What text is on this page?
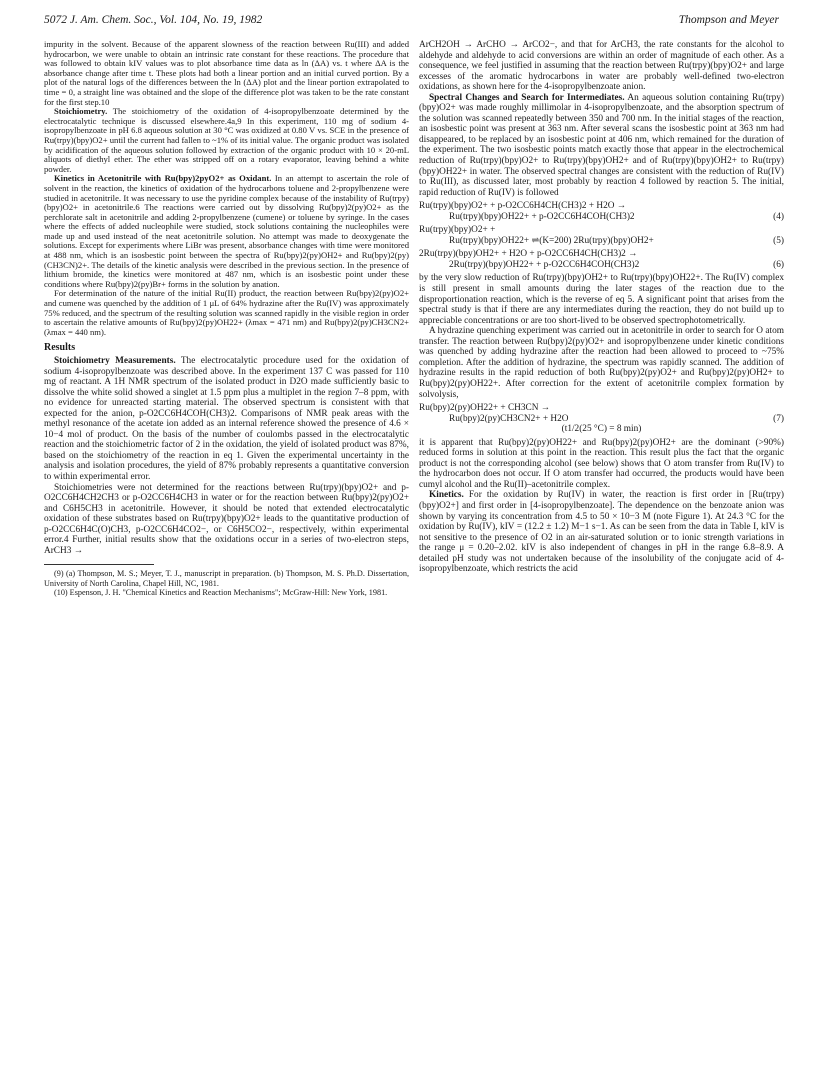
5072 J. Am. Chem. Soc., Vol. 104, No. 19, 1982	Thompson and Meyer

impurity in the solvent. Because of the apparent slowness of the reaction between Ru(III) and added hydrocarbon, we were unable to obtain an intrinsic rate constant for these reactions. The procedure that was followed to obtain kIV values was to plot absorbance time data as ln (ΔA) vs. t where ΔA is the absorbance change after time t. These plots had both a linear portion and an initial curved portion. By a plot of the natural logs of the differences between the ln (ΔA) plot and the linear portion extrapolated to time = 0, a straight line was obtained and the slope of the difference plot was taken to be the rate constant for the first step.10

Stoichiometry. The stoichiometry of the oxidation of 4-isopropylbenzoate determined by the electrocatalytic technique is discussed elsewhere.4a,9 In this experiment, 110 mg of sodium 4-isopropylbenzoate in pH 6.8 aqueous solution at 30 °C was oxidized at 0.80 V vs. SCE in the presence of Ru(trpy)(bpy)O2+ until the current had fallen to ~1% of its initial value. The organic product was isolated by acidification of the aqueous solution followed by extraction of the organic product with 10 × 20-mL aliquots of diethyl ether. The ether was stripped off on a rotary evaporator, leaving behind a white powder.

Kinetics in Acetonitrile with Ru(bpy)2pyO2+ as Oxidant. In an attempt to ascertain the role of solvent in the reaction, the kinetics of oxidation of the hydrocarbons toluene and 2-propylbenzene were studied in acetonitrile. It was necessary to use the pyridine complex because of the instability of Ru(trpy)(bpy)O2+ in acetonitrile.6 The reactions were carried out by dissolving Ru(bpy)2(py)O2+ as the perchlorate salt in acetonitrile and adding 2-propylbenzene (cumene) or toluene by syringe. In the cases where the effects of added nucleophile were studied, stock solutions containing the nucleophiles were made up and used instead of the neat acetonitrile solution. No attempt was made to deoxygenate the solutions. Except for experiments where LiBr was present, absorbance changes with time were monitored at 488 nm, which is an isosbestic point between the spectra of Ru(bpy)2(py)OH2+ and Ru(bpy)2(py)(CH3CN)2+. The details of the kinetic analysis were described in the previous section. In the presence of lithium bromide, the kinetics were monitored at 487 nm, which is an isosbestic point under these conditions where Ru(bpy)2(py)Br+ forms in the solution by anation.

For determination of the nature of the initial Ru(II) product, the reaction between Ru(bpy)2(py)O2+ and cumene was quenched by the addition of 1 μL of 64% hydrazine after the Ru(IV) was approximately 75% reduced, and the spectrum of the resulting solution was scanned rapidly in the visible region in order to ascertain the relative amounts of Ru(bpy)2(py)OH22+ (λmax = 471 nm) and Ru(bpy)2(py)CH3CN2+ (λmax = 440 nm).

Results

Stoichiometry Measurements. The electrocatalytic procedure used for the oxidation of sodium 4-isopropylbenzoate was described above. In the experiment 137 C was passed for 110 mg of reactant. A 1H NMR spectrum of the isolated product in D2O made sufficiently basic to dissolve the white solid showed a singlet at 1.5 ppm plus a multiplet in the region 7–8 ppm, with no evidence for unreacted starting material. The observed spectrum is consistent with that expected for the anion, p-O2CC6H4COH(CH3)2. Comparisons of NMR peak areas with the methyl resonance of the acetate ion added as an internal reference showed the presence of 4.6 × 10−4 mol of product. On the basis of the number of coulombs passed in the electrocatalytic reaction and the stoichiometric factor of 2 in the oxidation, the yield of isolated product was 87%, based on the stoichiometry of the reaction in eq 1. Given the experimental uncertainty in the analysis and isolation procedures, the yield of 87% probably represents a quantitative conversion to within experimental error.

Stoichiometries were not determined for the reactions between Ru(trpy)(bpy)O2+ and p-O2CC6H4CH2CH3 or p-O2CC6H4CH3 in water or for the reaction between Ru(bpy)2(py)O2+ and C6H5CH3 in acetonitrile. However, it should be noted that extended electrocatalytic oxidation of these substrates based on Ru(trpy)(bpy)O2+ leads to the quantitative production of p-O2CC6H4C(O)CH3, p-O2CC6H4CO2−, or C6H5CO2−, respectively, within experimental error.4 Further, initial results show that the oxidations occur in a series of two-electron steps, ArCH3 →

(9) (a) Thompson, M. S.; Meyer, T. J., manuscript in preparation. (b) Thompson, M. S. Ph.D. Dissertation, University of North Carolina, Chapel Hill, NC, 1981.

(10) Espenson, J. H. "Chemical Kinetics and Reaction Mechanisms"; McGraw-Hill: New York, 1981.

ArCH2OH → ArCHO → ArCO2−, and that for ArCH3, the rate constants for the alcohol to aldehyde and aldehyde to acid conversions are within an order of magnitude of each other. As a consequence, we feel justified in assuming that the reaction between Ru(trpy)(bpy)O2+ and large excesses of the aromatic hydrocarbons in water are probably well-defined two-electron oxidations, as shown here for the 4-isopropylbenzoate anion.

Spectral Changes and Search for Intermediates. An aqueous solution containing Ru(trpy)(bpy)O2+ was made roughly millimolar in 4-isopropylbenzoate, and the absorption spectrum of the solution was scanned repeatedly between 350 and 700 nm. In the initial stages of the reaction, an isosbestic point was present at 363 nm. After several scans the isosbestic point at 363 nm had disappeared, to be replaced by an isosbestic point at 406 nm, which remained for the duration of the experiment. The two isosbestic points match exactly those that appear in the electrochemical reduction of Ru(trpy)(bpy)O2+ to Ru(trpy)(bpy)OH2+ and of Ru(trpy)(bpy)OH2+ to Ru(trpy)(bpy)OH22+ in water. The observed spectral changes are consistent with the reduction of Ru(IV) to Ru(III), as discussed later, most probably by reaction 4 followed by reaction 5. The initial, rapid reduction of Ru(IV) is followed

Ru(trpy)(bpy)O2+ + p-O2CC6H4CH(CH3)2 + H2O →
Ru(trpy)(bpy)OH22+ + p-O2CC6H4COH(CH3)2	(4)
Ru(trpy)(bpy)O2+ +
Ru(trpy)(bpy)OH22+ ⇌(K=200) 2Ru(trpy)(bpy)OH2+	(5)
2Ru(trpy)(bpy)OH2+ + H2O + p-O2CC6H4CH(CH3)2 →
2Ru(trpy)(bpy)OH22+ + p-O2CC6H4COH(CH3)2	(6)

by the very slow reduction of Ru(trpy)(bpy)OH2+ to Ru(trpy)(bpy)OH22+. The Ru(IV) complex is still present in small amounts during the later stages of the reaction due to the disproportionation reaction, which is the reverse of eq 5. A significant point that arises from the spectral study is that if there are any intermediates during the reaction, they do not build up to appreciable concentrations or are too short-lived to be observed spectrophotometrically.

A hydrazine quenching experiment was carried out in acetonitrile in order to search for O atom transfer. The reaction between Ru(bpy)2(py)O2+ and isopropylbenzene under kinetic conditions was quenched by adding hydrazine after the reaction had been allowed to proceed to ~75% completion. After the addition of hydrazine, the spectrum was rapidly scanned. The addition of hydrazine results in the rapid reduction of both Ru(bpy)2(py)O2+ and Ru(bpy)2(py)OH2+ to Ru(bpy)2(py)OH22+. After correction for the extent of acetonitrile complex formation by solvolysis,

Ru(bpy)2(py)OH22+ + CH3CN →
Ru(bpy)2(py)CH3CN2+ + H2O	(7)
(t1/2(25 °C) = 8 min)

it is apparent that Ru(bpy)2(py)OH22+ and Ru(bpy)2(py)OH2+ are the dominant (>90%) reduced forms in solution at this point in the reaction. This result plus the fact that the organic product is not the corresponding alcohol (see below) shows that O atom transfer from Ru(IV) to the hydrocarbon does not occur. If O atom transfer had occurred, the products would have been cumyl alcohol and the Ru(II)–acetonitrile complex.

Kinetics. For the oxidation by Ru(IV) in water, the reaction is first order in [Ru(trpy)(bpy)O2+] and first order in [4-isopropylbenzoate]. The dependence on the benzoate anion was shown by varying its concentration from 4.5 to 50 × 10−3 M (note Figure 1). At 24.3 °C for the oxidation by Ru(IV), kIV = (12.2 ± 1.2) M−1 s−1. As can be seen from the data in Table I, kIV is not sensitive to the presence of O2 in an air-saturated solution or to ionic strength variations in the range μ = 0.20–2.02. kIV is also independent of changes in pH in the range 6.8–8.9. A detailed pH study was not undertaken because of the insolubility of the conjugate acid of 4-isopropylbenzoate, which restricts the acid
